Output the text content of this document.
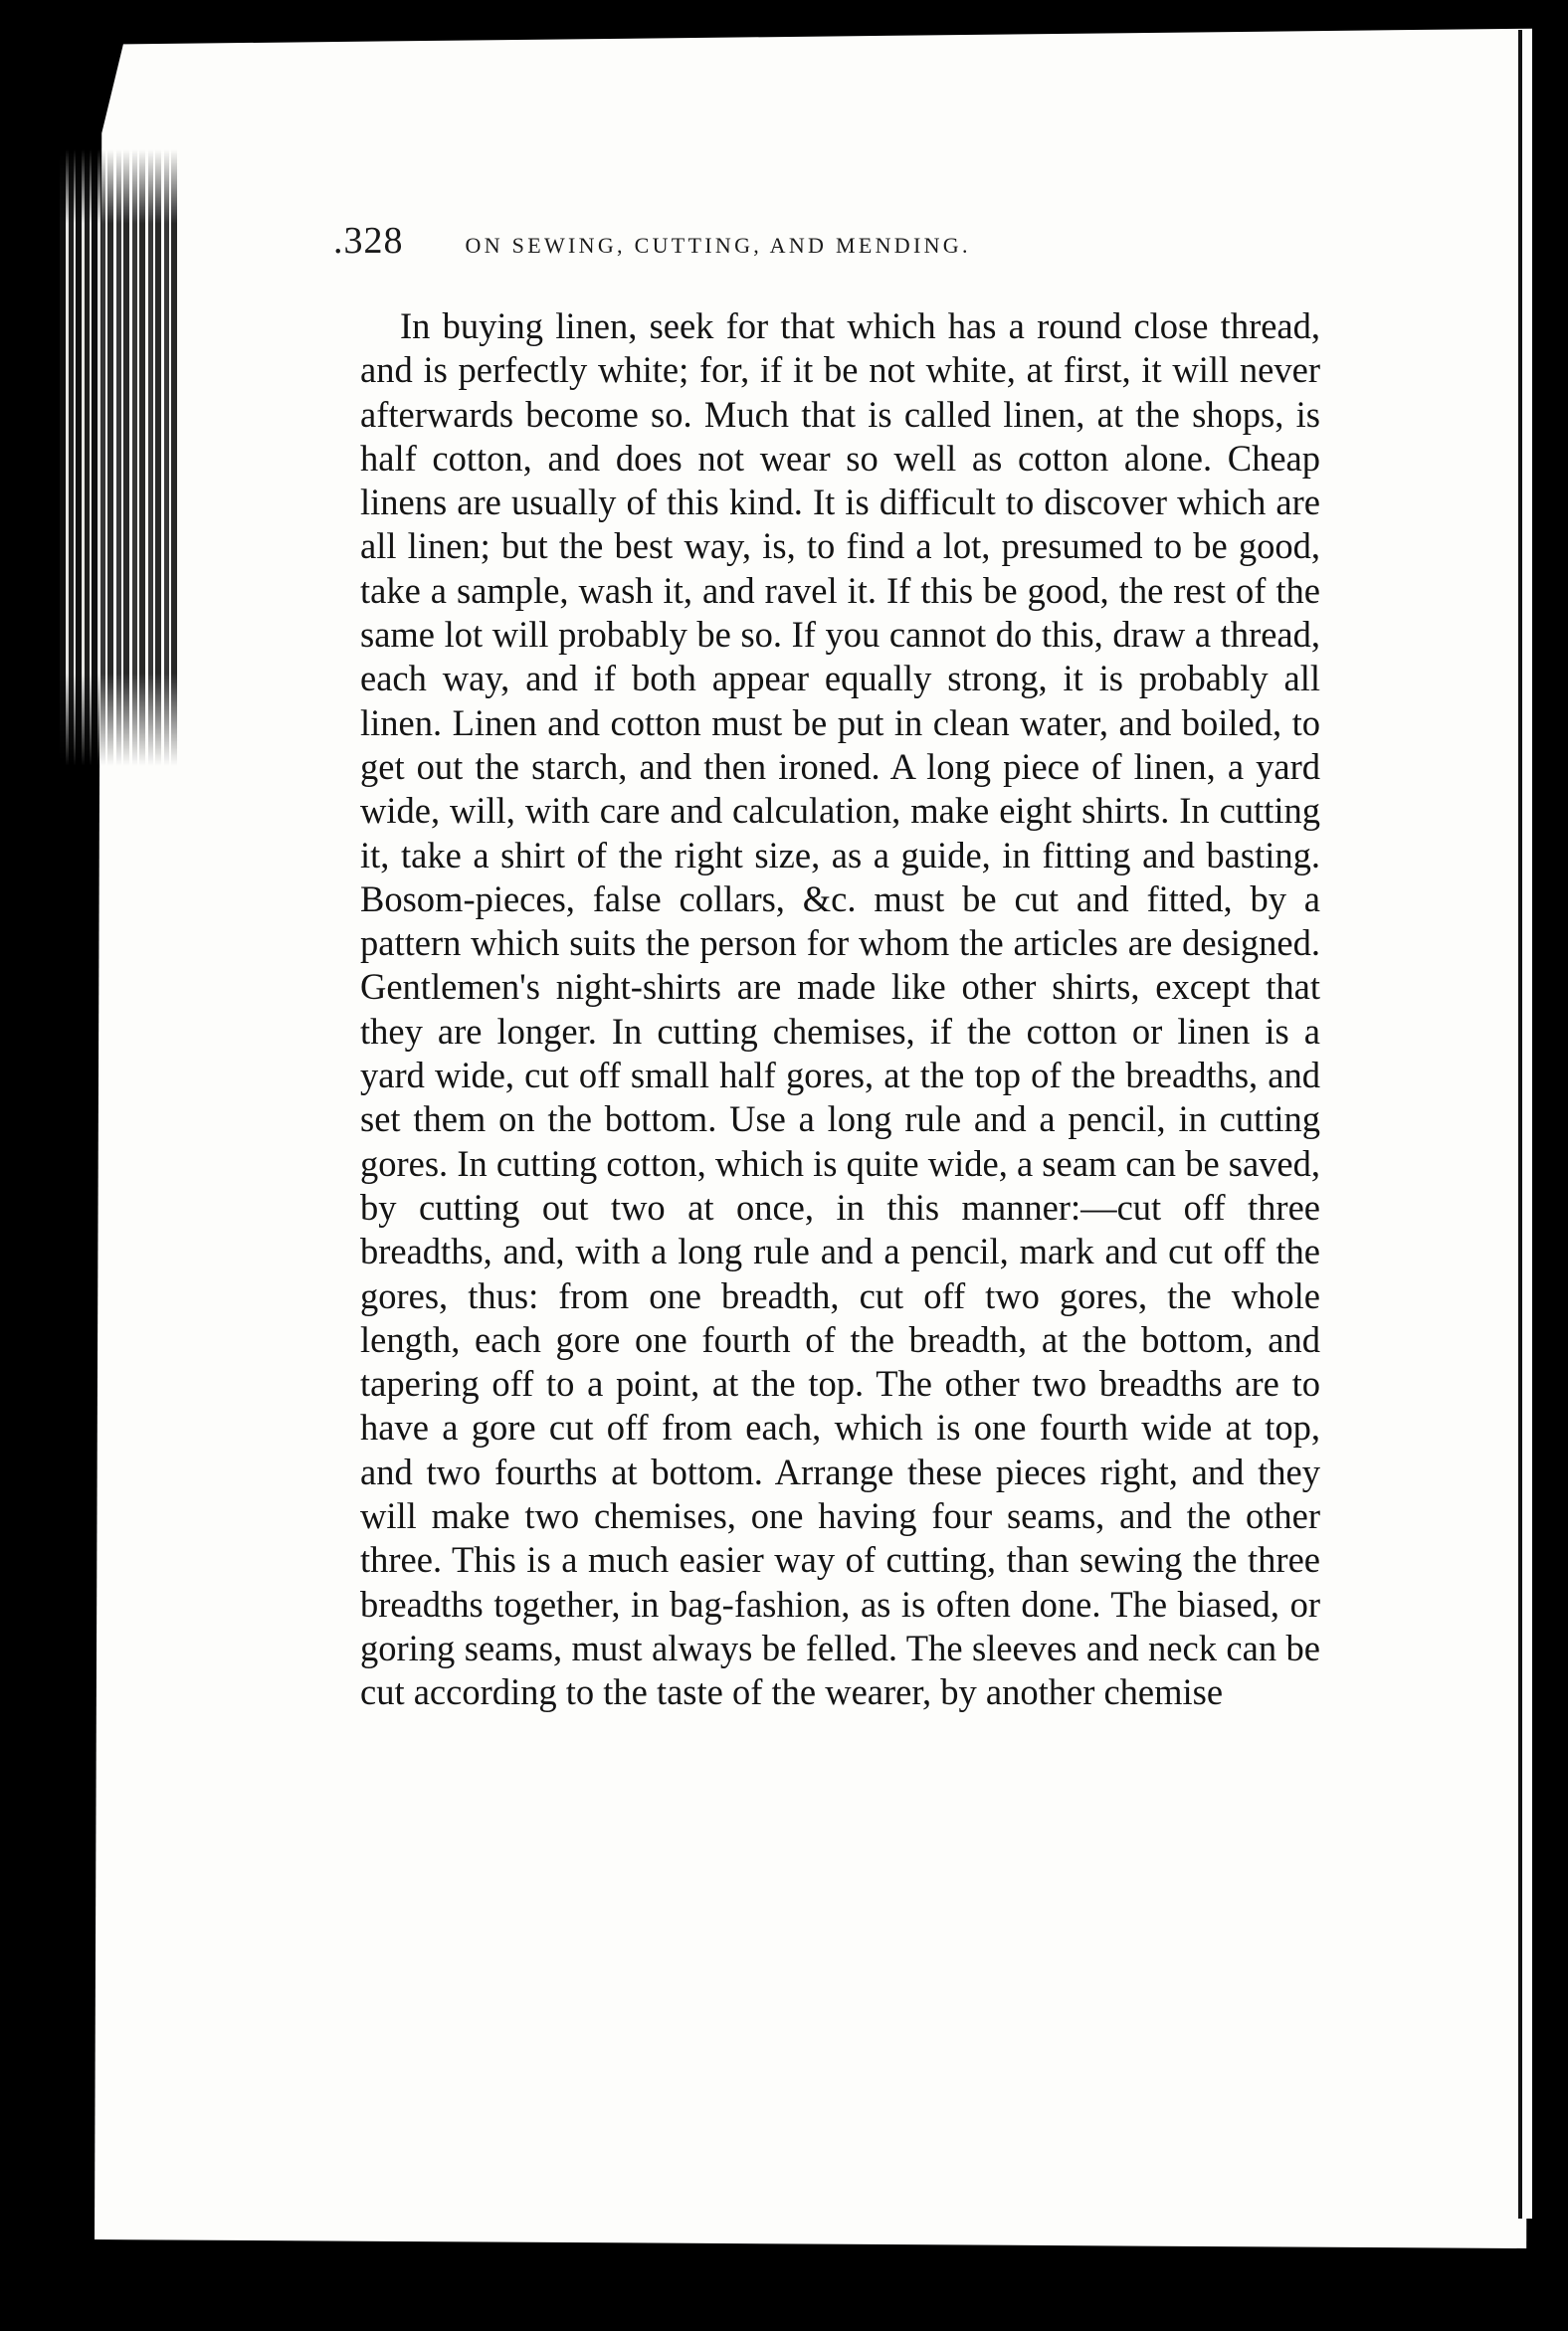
.328	ON SEWING, CUTTING, AND MENDING.

In buying linen, seek for that which has a round close thread, and is perfectly white; for, if it be not white, at first, it will never afterwards become so. Much that is called linen, at the shops, is half cotton, and does not wear so well as cotton alone. Cheap linens are usually of this kind. It is difficult to discover which are all linen; but the best way, is, to find a lot, presumed to be good, take a sample, wash it, and ravel it. If this be good, the rest of the same lot will probably be so. If you cannot do this, draw a thread, each way, and if both appear equally strong, it is probably all linen. Linen and cotton must be put in clean water, and boiled, to get out the starch, and then ironed. A long piece of linen, a yard wide, will, with care and calculation, make eight shirts. In cutting it, take a shirt of the right size, as a guide, in fitting and basting. Bosom-pieces, false collars, &c. must be cut and fitted, by a pattern which suits the person for whom the articles are designed. Gentlemen's night-shirts are made like other shirts, except that they are longer. In cutting chemises, if the cotton or linen is a yard wide, cut off small half gores, at the top of the breadths, and set them on the bottom. Use a long rule and a pencil, in cutting gores. In cutting cotton, which is quite wide, a seam can be saved, by cutting out two at once, in this manner:—cut off three breadths, and, with a long rule and a pencil, mark and cut off the gores, thus: from one breadth, cut off two gores, the whole length, each gore one fourth of the breadth, at the bottom, and tapering off to a point, at the top. The other two breadths are to have a gore cut off from each, which is one fourth wide at top, and two fourths at bottom. Arrange these pieces right, and they will make two chemises, one having four seams, and the other three. This is a much easier way of cutting, than sewing the three breadths together, in bag-fashion, as is often done. The biased, or goring seams, must always be felled. The sleeves and neck can be cut according to the taste of the wearer, by another chemise
